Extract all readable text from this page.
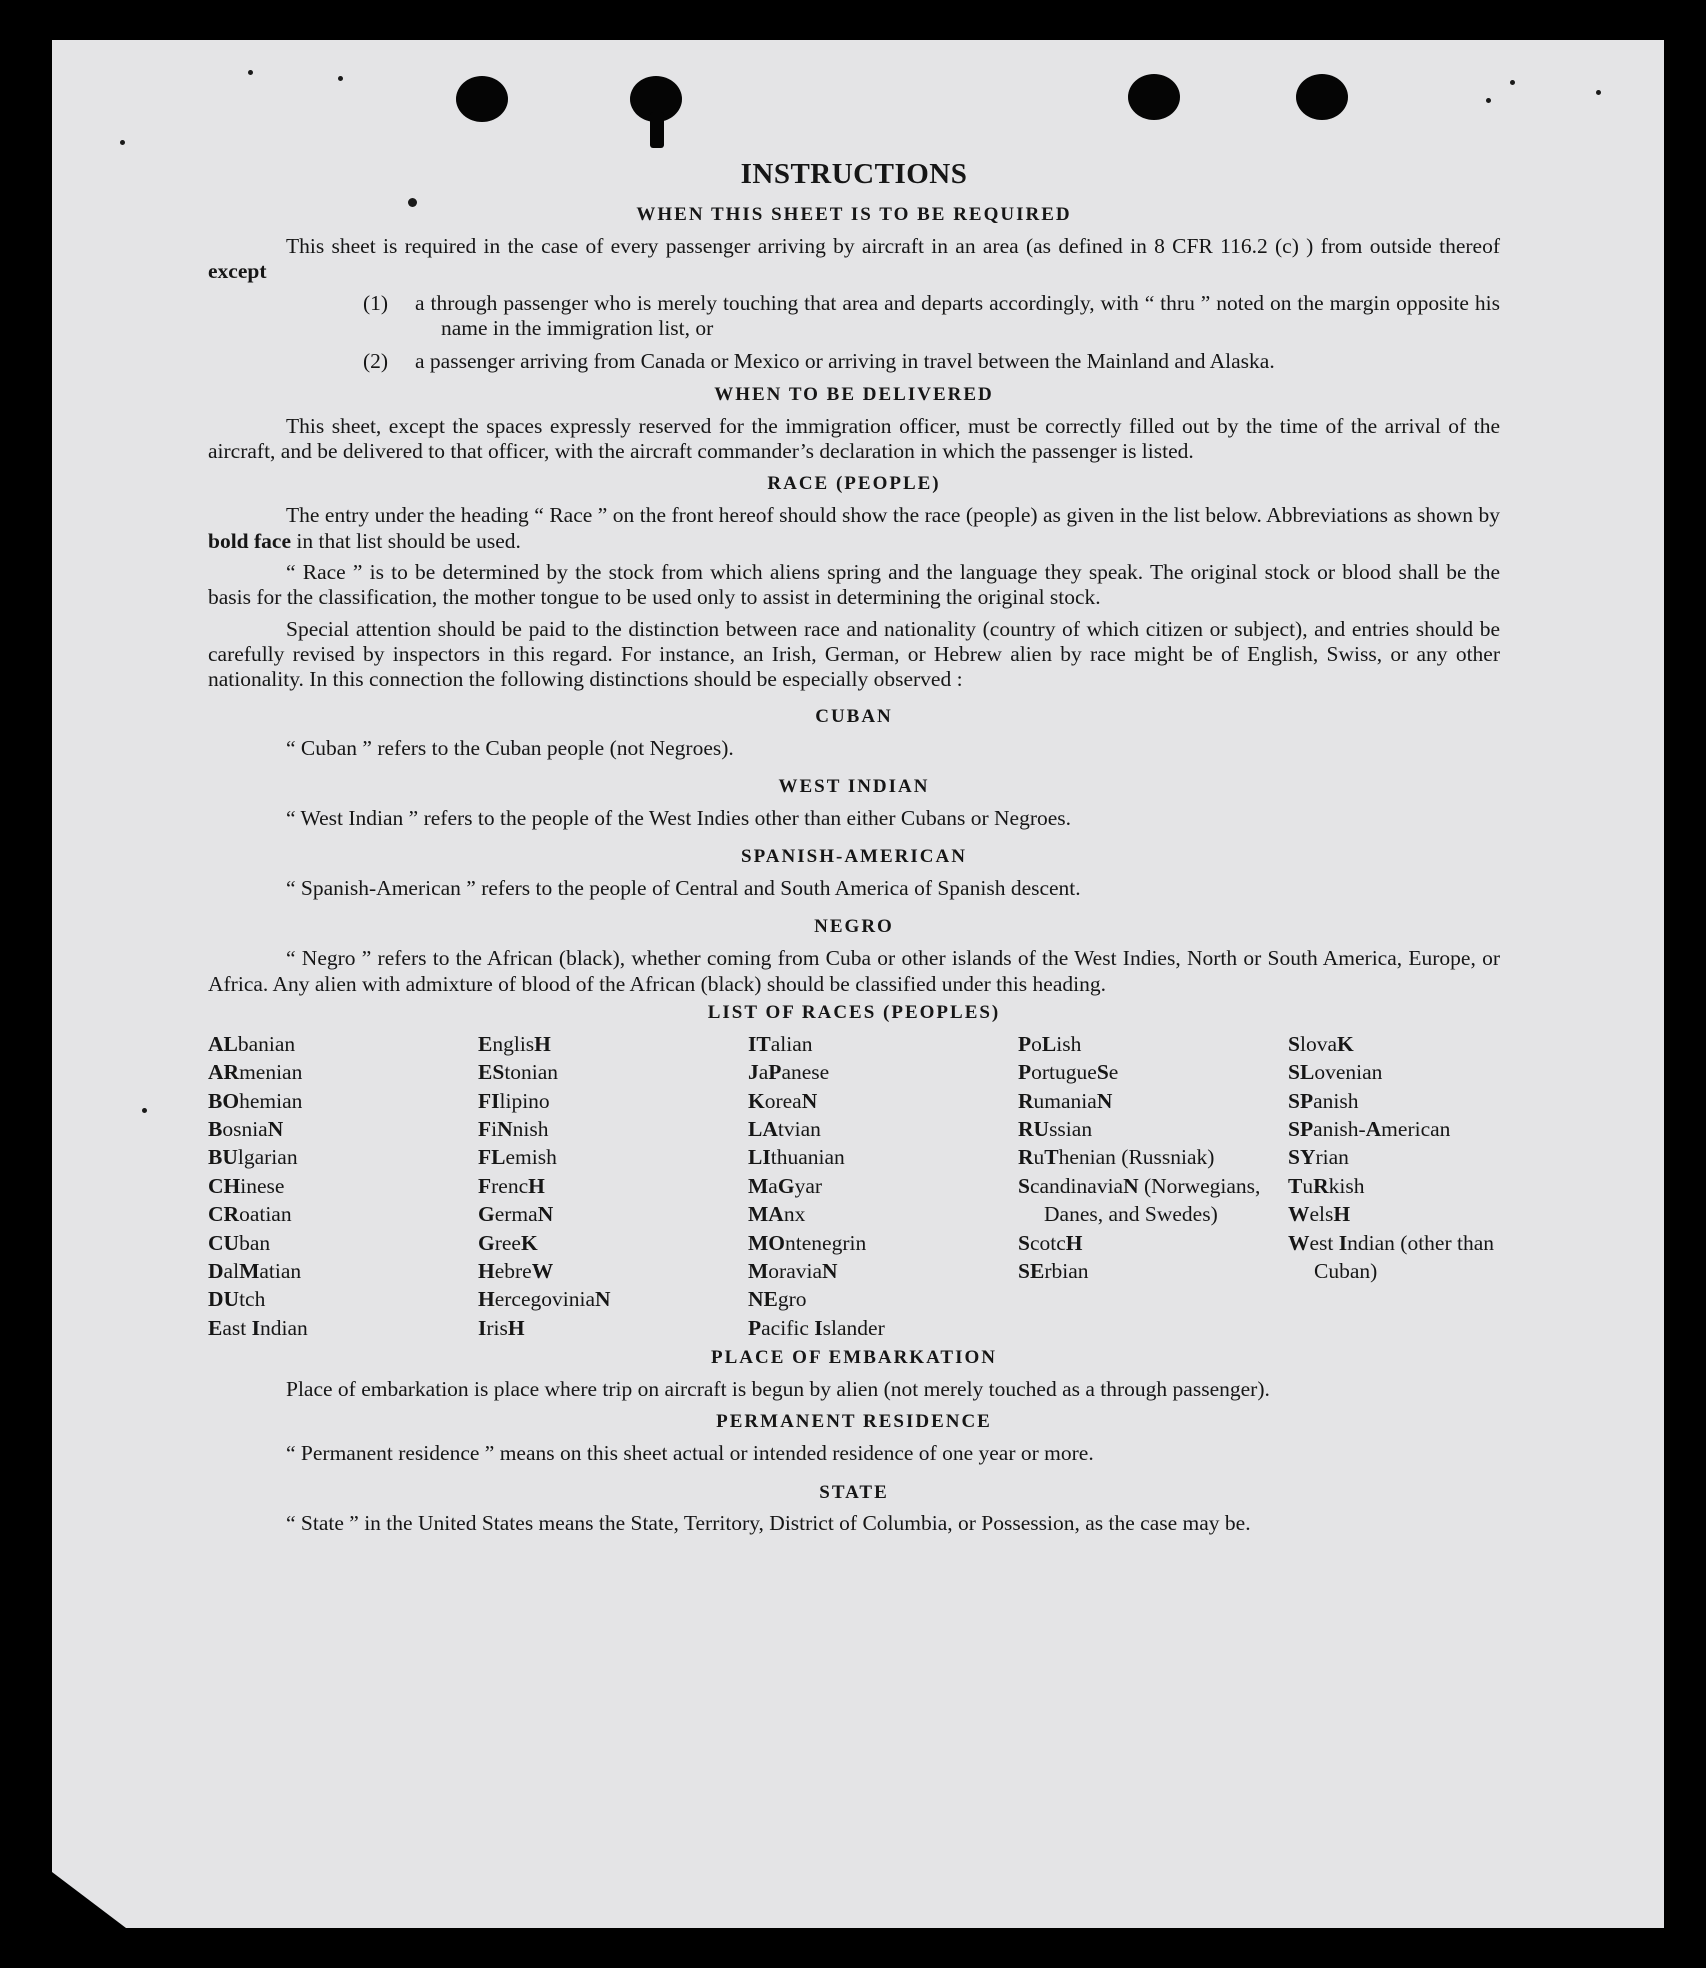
INSTRUCTIONS
WHEN THIS SHEET IS TO BE REQUIRED

This sheet is required in the case of every passenger arriving by aircraft in an area (as defined in 8 CFR 116.2 (c) ) from outside thereof except

(1)	a through passenger who is merely touching that area and departs accordingly, with “ thru ” noted on the margin opposite his name in the immigration list, or
(2)	a passenger arriving from Canada or Mexico or arriving in travel between the Mainland and Alaska.
WHEN TO BE DELIVERED

This sheet, except the spaces expressly reserved for the immigration officer, must be correctly filled out by the time of the arrival of the aircraft, and be delivered to that officer, with the aircraft commander’s declaration in which the passenger is listed.

RACE (PEOPLE)

The entry under the heading “ Race ” on the front hereof should show the race (people) as given in the list below. Abbreviations as shown by bold face in that list should be used.

“ Race ” is to be determined by the stock from which aliens spring and the language they speak. The original stock or blood shall be the basis for the classification, the mother tongue to be used only to assist in determining the original stock.

Special attention should be paid to the distinction between race and nationality (country of which citizen or subject), and entries should be carefully revised by inspectors in this regard. For instance, an Irish, German, or Hebrew alien by race might be of English, Swiss, or any other nationality. In this connection the following distinctions should be especially observed :

CUBAN

“ Cuban ” refers to the Cuban people (not Negroes).

WEST INDIAN

“ West Indian ” refers to the people of the West Indies other than either Cubans or Negroes.

SPANISH-AMERICAN

“ Spanish-American ” refers to the people of Central and South America of Spanish descent.

NEGRO

“ Negro ” refers to the African (black), whether coming from Cuba or other islands of the West Indies, North or South America, Europe, or Africa. Any alien with admixture of blood of the African (black) should be classified under this heading.

LIST OF RACES (PEOPLES)
ALbanian
ARmenian
BOhemian
BosniaN
BUlgarian
CHinese
CRoatian
CUban
DalMatian
DUtch
East Indian
EnglisH
EStonian
FIlipino
FiNnish
FLemish
FrencH
GermaN
GreeK
HebreW
HercegoviniaN
IrisH
ITalian
JaPanese
KoreaN
LAtvian
LIthuanian
MaGyar
MAnx
MOntenegrin
MoraviaN
NEgro
Pacific Islander
PoLish
PortugueSe
RumaniaN
RUssian
RuThenian (Russniak)
ScandinaviaN (Norwegians, Danes, and Swedes)
ScotcH
SErbian
SlovaK
SLovenian
SPanish
SPanish-American
SYrian
TuRkish
WelsH
West Indian (other than Cuban)
PLACE OF EMBARKATION

Place of embarkation is place where trip on aircraft is begun by alien (not merely touched as a through passenger).

PERMANENT RESIDENCE

“ Permanent residence ” means on this sheet actual or intended residence of one year or more.

STATE

“ State ” in the United States means the State, Territory, District of Columbia, or Possession, as the case may be.
